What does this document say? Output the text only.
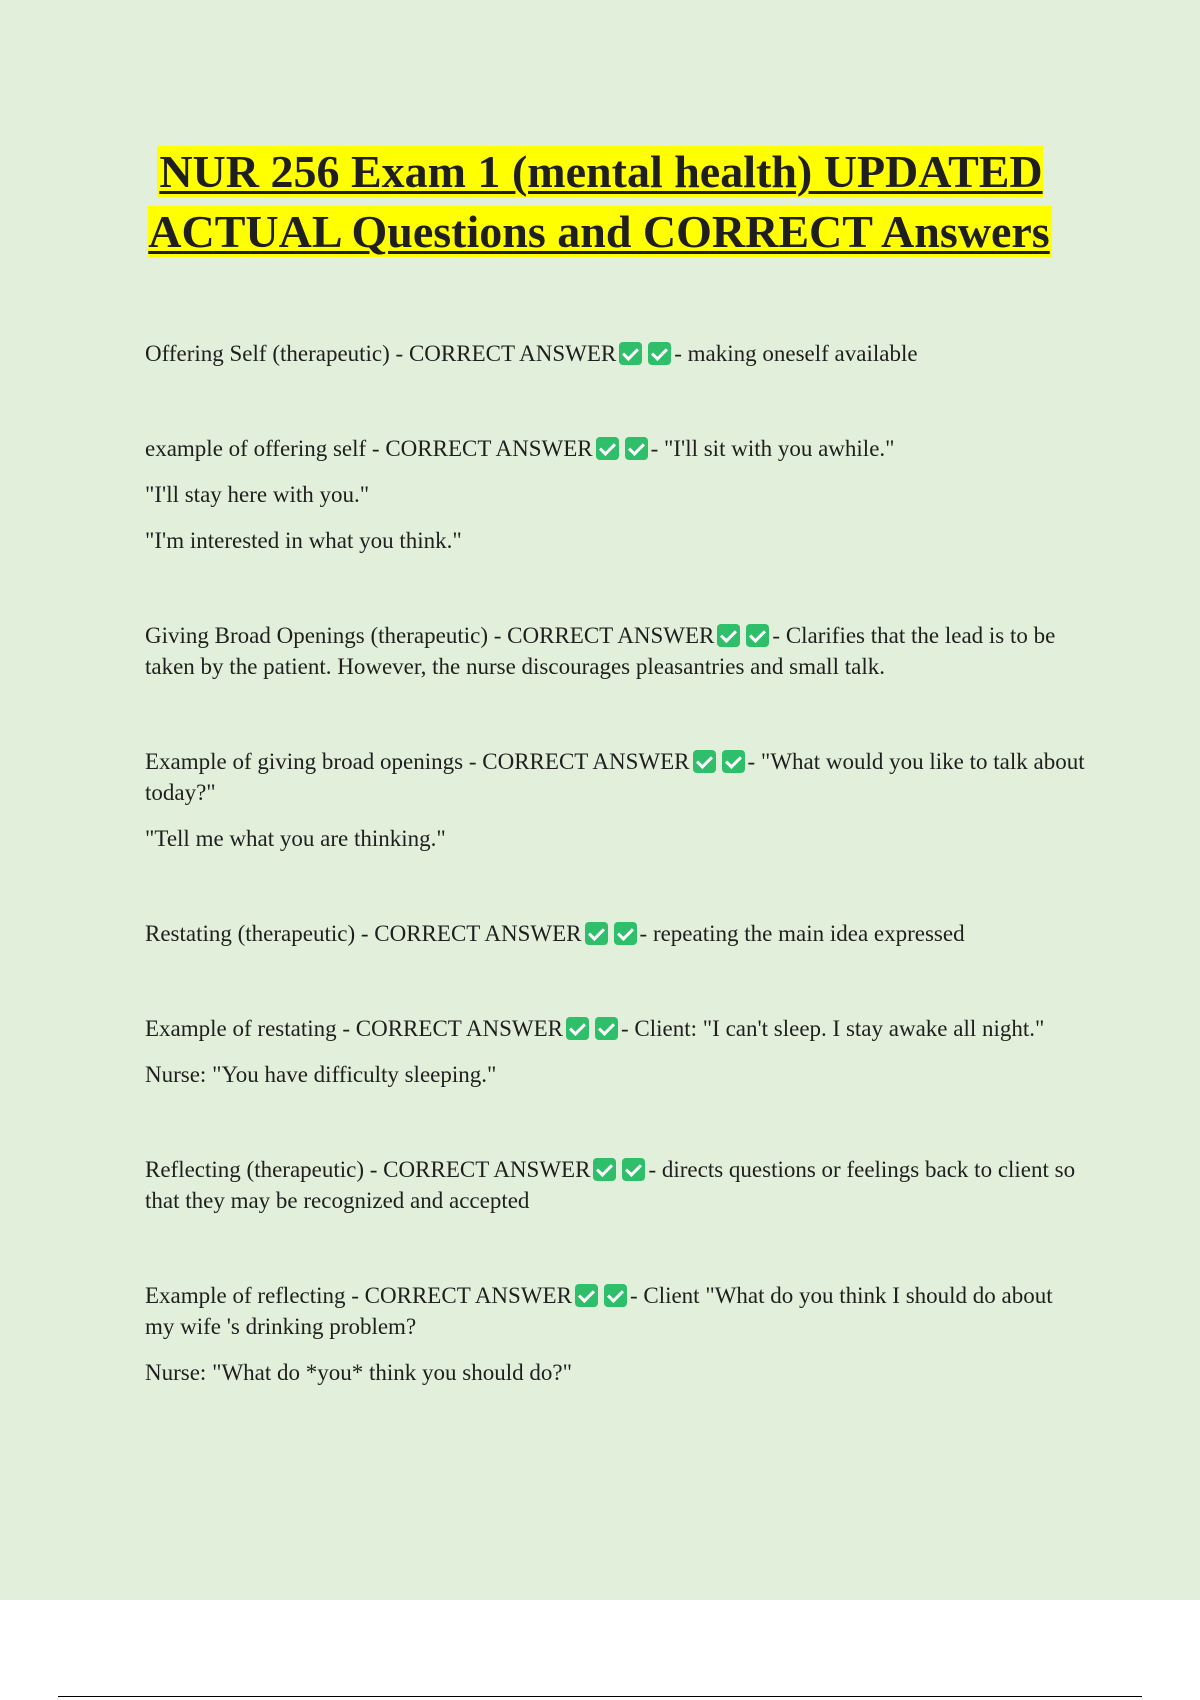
NUR 256 Exam 1 (mental health) UPDATED ACTUAL Questions and CORRECT Answers

Offering Self (therapeutic) - CORRECT ANSWER	- making oneself available

example of offering self - CORRECT ANSWER	- "I'll sit with you awhile."

"I'll stay here with you."

"I'm interested in what you think."

Giving Broad Openings (therapeutic) - CORRECT ANSWER	- Clarifies that the lead is to be taken by the patient. However, the nurse discourages pleasantries and small talk.

Example of giving broad openings - CORRECT ANSWER	- "What would you like to talk about today?"

"Tell me what you are thinking."

Restating (therapeutic) - CORRECT ANSWER	- repeating the main idea expressed

Example of restating - CORRECT ANSWER	- Client: "I can't sleep. I stay awake all night."

Nurse: "You have difficulty sleeping."

Reflecting (therapeutic) - CORRECT ANSWER	- directs questions or feelings back to client so that they may be recognized and accepted

Example of reflecting - CORRECT ANSWER	- Client "What do you think I should do about my wife 's drinking problem?

Nurse: "What do *you* think you should do?"
